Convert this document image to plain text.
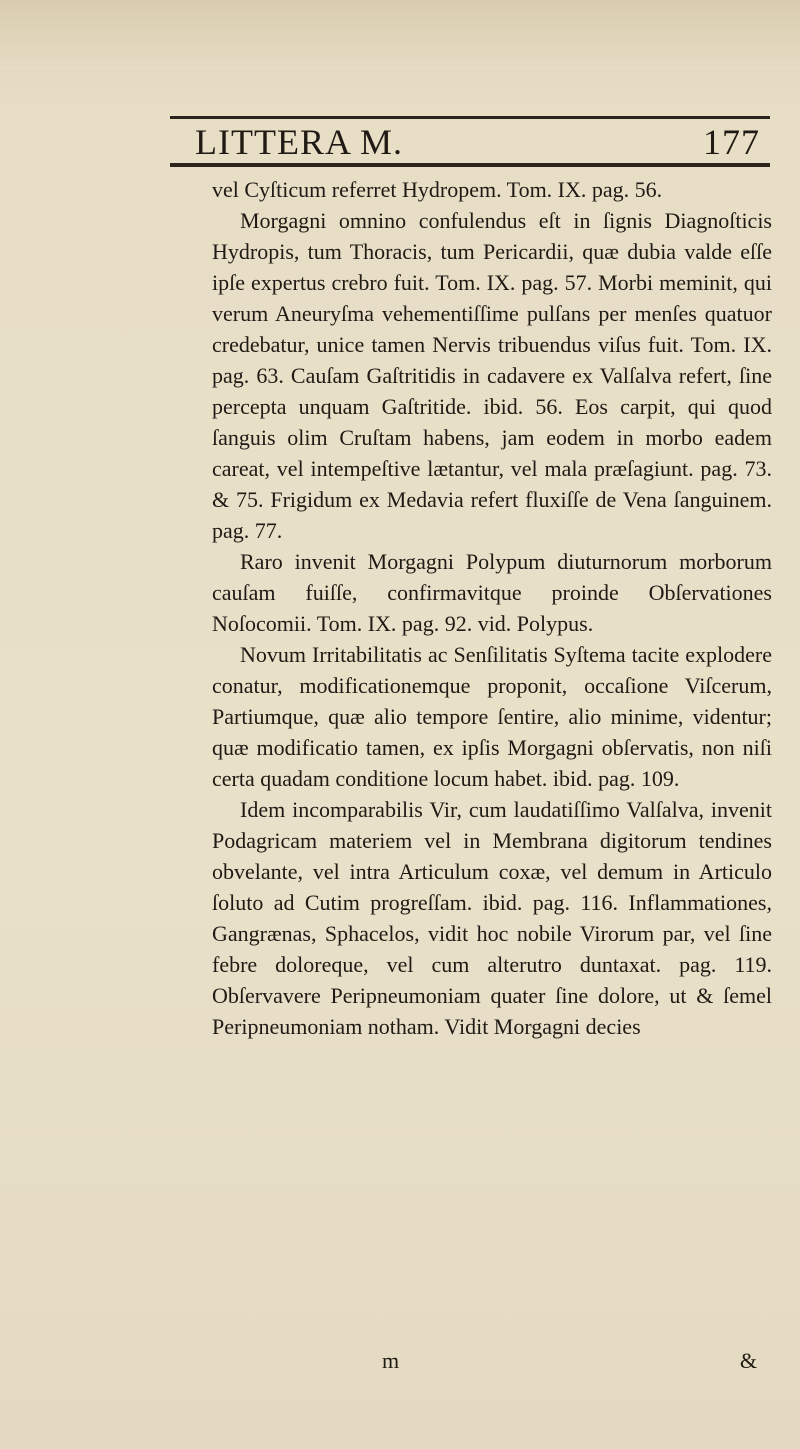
LITTERA M.	177

vel Cyſticum referret Hydropem. Tom. IX. pag. 56.

Morgagni omnino confulendus eſt in ſignis Diagnoſticis Hydropis, tum Thoracis, tum Pericardii, quæ dubia valde eſſe ipſe expertus crebro fuit. Tom. IX. pag. 57. Morbi meminit, qui verum Aneuryſma vehementiſſime pulſans per menſes quatuor credebatur, unice tamen Nervis tribuendus viſus fuit. Tom. IX. pag. 63. Cauſam Gaſtritidis in cadavere ex Valſalva refert, ſine perceptа unquam Gaſtritide. ibid. 56. Eos carpit, qui quod ſanguis olim Cruſtam habens, jam eodem in morbo eadem careat, vel intempeſtive lætantur, vel mala præſagiunt. pag. 73. & 75. Frigidum ex Medavia refert fluxiſſe de Vena ſanguinem. pag. 77.

Raro invenit Morgagni Polypum diuturnorum morborum cauſam fuiſſe, confirmavitque proinde Obſervationes Noſocomii. Tom. IX. pag. 92. vid. Polypus.

Novum Irritabilitatis ac Senſilitatis Syſtema tacite explodere conatur, modificationemque proponit, occaſione Viſcerum, Partiumque, quæ alio tempore ſentire, alio minime, videntur; quæ modificatio tamen, ex ipſis Morgagni obſervatis, non niſi certa quadam conditione locum habet. ibid. pag. 109.

Idem incomparabilis Vir, cum laudatiſſimo Valſalva, invenit Podagricam materiem vel in Membrana digitorum tendines obvelante, vel intra Articulum coxæ, vel demum in Articulo ſoluto ad Cutim progreſſam. ibid. pag. 116. Inflammationes, Gangrænas, Sphacelos, vidit hoc nobile Virorum par, vel ſine febre doloreque, vel cum alterutro duntaxat. pag. 119. Obſervavere Peripneumoniam quater ſine dolore, ut & ſemel Peripneumoniam notham. Vidit Morgagni decies

m	&
